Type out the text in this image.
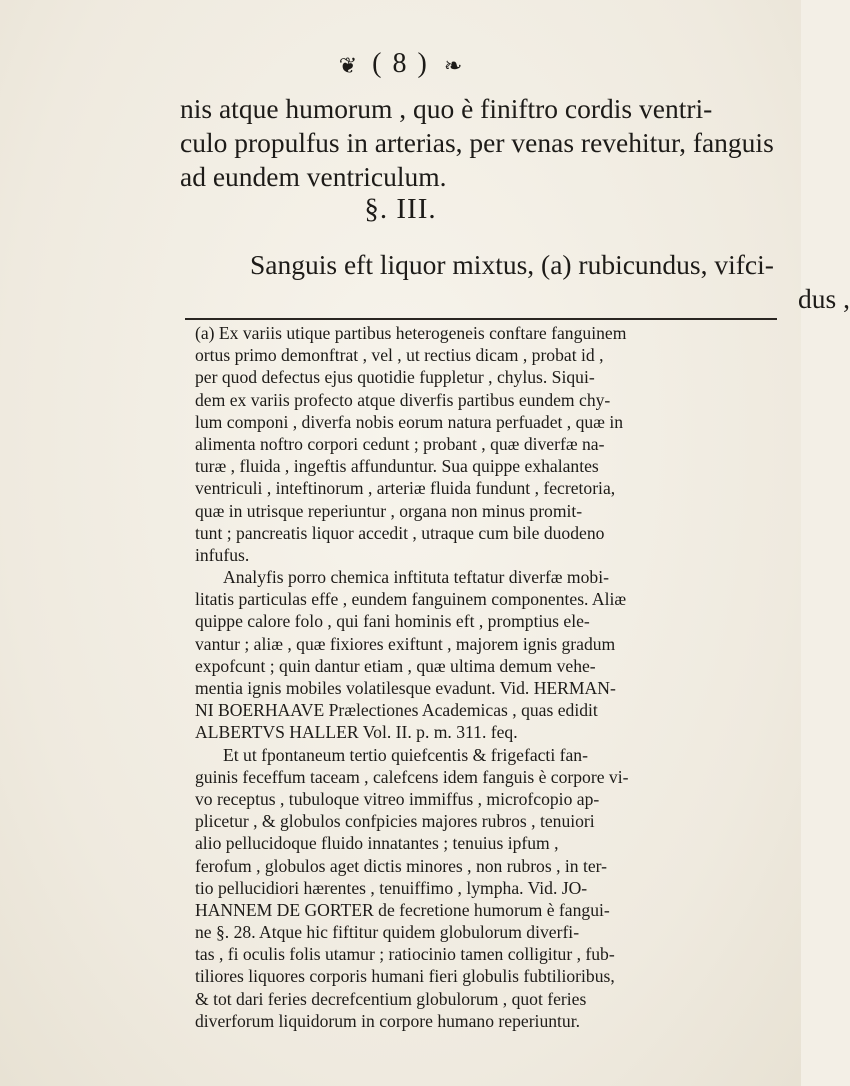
❦ ( 8 ) ❧
nis atque humorum , quo è finiftro cordis ventri-
culo propulfus in arterias, per venas revehitur, fanguis
ad eundem ventriculum.
§. III.
Sanguis eft liquor mixtus, (a) rubicundus, vifci-
dus ,
(a) Ex variis utique partibus heterogeneis conftare fanguinem
ortus primo demonftrat , vel , ut rectius dicam , probat id ,
per quod defectus ejus quotidie fuppletur , chylus. Siqui-
dem ex variis profecto atque diverfis partibus eundem chy-
lum componi , diverfa nobis eorum natura perfuadet , quæ in
alimenta noftro corpori cedunt ; probant , quæ diverfæ na-
turæ , fluida , ingeftis affunduntur. Sua quippe exhalantes
ventriculi , inteftinorum , arteriæ fluida fundunt , fecretoria,
quæ in utrisque reperiuntur , organa non minus promit-
tunt ; pancreatis liquor accedit , utraque cum bile duodeno
infufus.
Analyfis porro chemica inftituta teftatur diverfæ mobi-
litatis particulas effe , eundem fanguinem componentes. Aliæ
quippe calore folo , qui fani hominis eft , promptius ele-
vantur ; aliæ , quæ fixiores exiftunt , majorem ignis gradum
expofcunt ; quin dantur etiam , quæ ultima demum vehe-
mentia ignis mobiles volatilesque evadunt. Vid. HERMAN-
NI BOERHAAVE Prælectiones Academicas , quas edidit
ALBERTVS HALLER Vol. II. p. m. 311. feq.
Et ut fpontaneum tertio quiefcentis & frigefacti fan-
guinis feceffum taceam , calefcens idem fanguis è corpore vi-
vo receptus , tubuloque vitreo immiffus , microfcopio ap-
plicetur , & globulos confpicies majores rubros , tenuiori
alio pellucidoque fluido innatantes ; tenuius ipfum ,
ferofum , globulos aget dictis minores , non rubros , in ter-
tio pellucidiori hærentes , tenuiffimo , lympha. Vid. JO-
HANNEM DE GORTER de fecretione humorum è fangui-
ne §. 28. Atque hic fiftitur quidem globulorum diverfi-
tas , fi oculis folis utamur ; ratiocinio tamen colligitur , fub-
tiliores liquores corporis humani fieri globulis fubtilioribus,
& tot dari feries decrefcentium globulorum , quot feries
diverforum liquidorum in corpore humano reperiuntur.
